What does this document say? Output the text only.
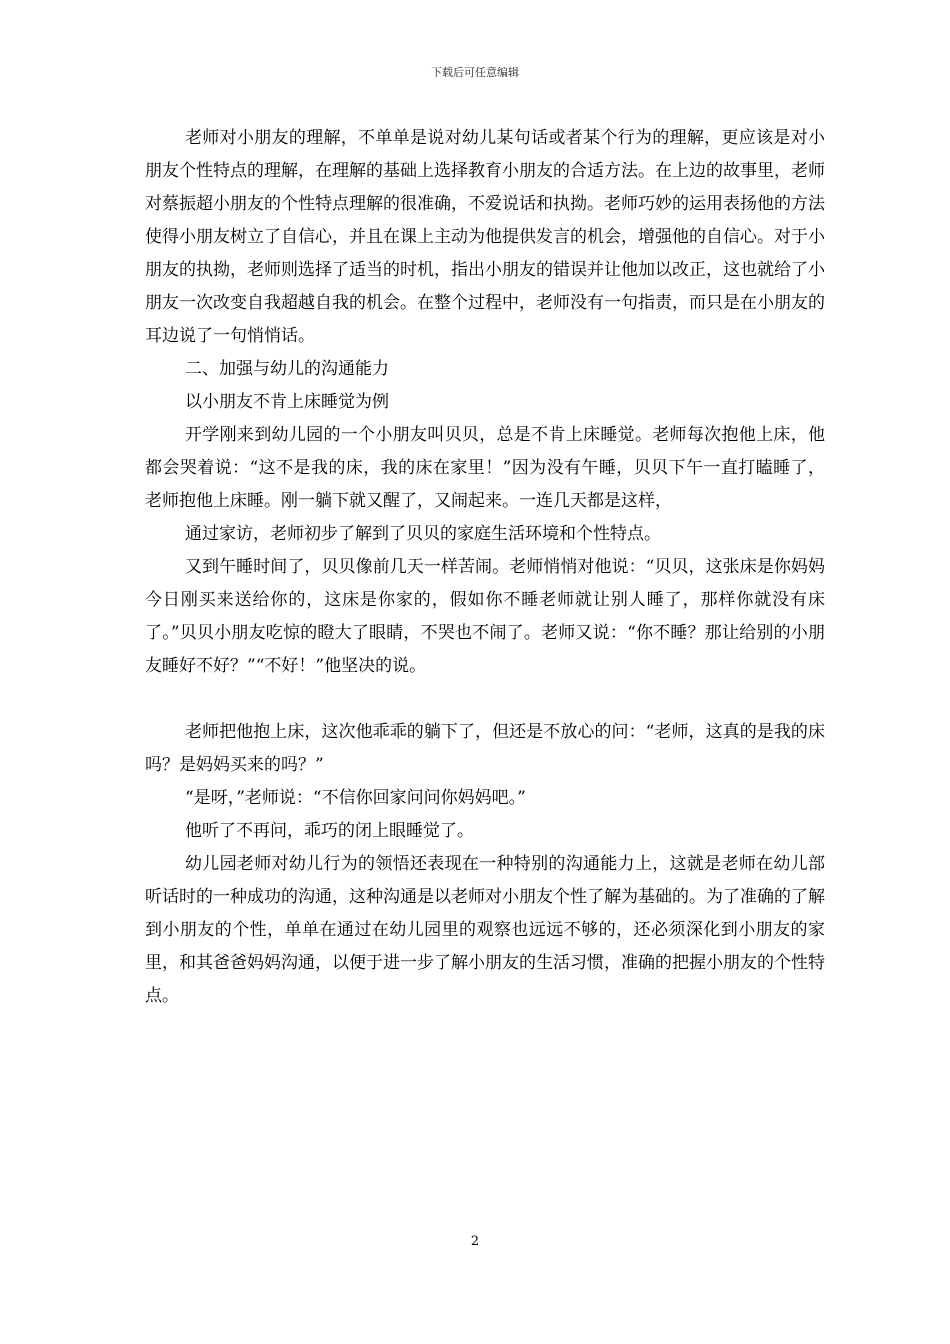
下载后可任意编辑

老师对小朋友的理解，不单单是说对幼儿某句话或者某个行为的理解，更应该是对小朋友个性特点的理解，在理解的基础上选择教育小朋友的合适方法。在上边的故事里，老师对蔡振超小朋友的个性特点理解的很准确，不爱说话和执拗。老师巧妙的运用表扬他的方法使得小朋友树立了自信心，并且在课上主动为他提供发言的机会，增强他的自信心。对于小朋友的执拗，老师则选择了适当的时机，指出小朋友的错误并让他加以改正，这也就给了小朋友一次改变自我超越自我的机会。在整个过程中，老师没有一句指责，而只是在小朋友的耳边说了一句悄悄话。

二、加强与幼儿的沟通能力

以小朋友不肯上床睡觉为例

开学刚来到幼儿园的一个小朋友叫贝贝，总是不肯上床睡觉。老师每次抱他上床，他都会哭着说：“这不是我的床，我的床在家里！”因为没有午睡，贝贝下午一直打瞌睡了，老师抱他上床睡。刚一躺下就又醒了，又闹起来。一连几天都是这样，

通过家访，老师初步了解到了贝贝的家庭生活环境和个性特点。

又到午睡时间了，贝贝像前几天一样苦闹。老师悄悄对他说：“贝贝，这张床是你妈妈今日刚买来送给你的，这床是你家的，假如你不睡老师就让别人睡了，那样你就没有床了。”贝贝小朋友吃惊的瞪大了眼睛，不哭也不闹了。老师又说：“你不睡？那让给别的小朋友睡好不好？”“不好！”他坚决的说。

老师把他抱上床，这次他乖乖的躺下了，但还是不放心的问：“老师，这真的是我的床吗？是妈妈买来的吗？”

“是呀，”老师说：“不信你回家问问你妈妈吧。”

他听了不再问，乖巧的闭上眼睡觉了。

幼儿园老师对幼儿行为的领悟还表现在一种特别的沟通能力上，这就是老师在幼儿部听话时的一种成功的沟通，这种沟通是以老师对小朋友个性了解为基础的。为了准确的了解到小朋友的个性，单单在通过在幼儿园里的观察也远远不够的，还必须深化到小朋友的家里，和其爸爸妈妈沟通，以便于进一步了解小朋友的生活习惯，准确的把握小朋友的个性特点。

2
